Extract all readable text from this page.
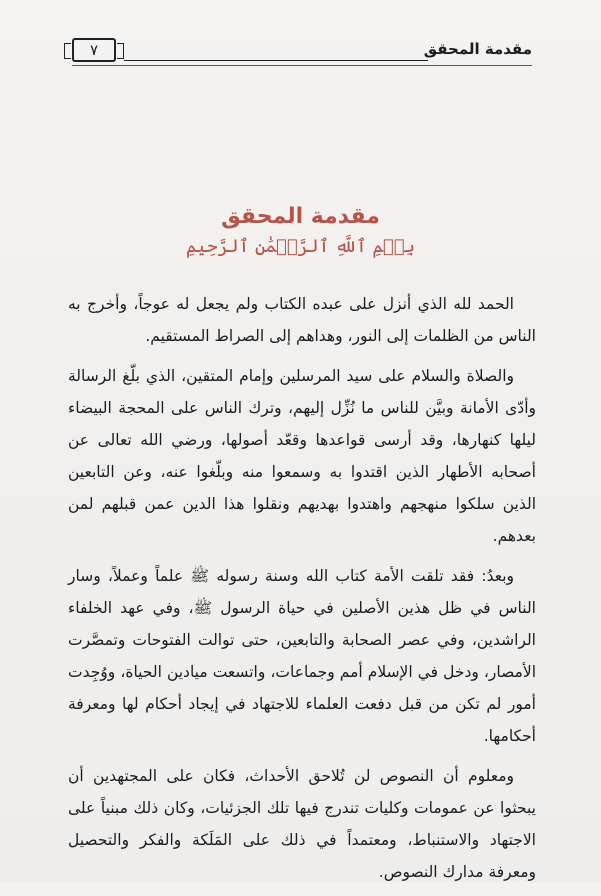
٧	مقدمة المحقق
مقدمة المحقق
بِسۡمِ ٱللَّهِ ٱلرَّحۡمَٰنِ ٱلرَّحِيمِ

الحمد لله الذي أنزل على عبده الكتاب ولم يجعل له عوجاً، وأخرج به الناس من الظلمات إلى النور، وهداهم إلى الصراط المستقيم.

والصلاة والسلام على سيد المرسلين وإمام المتقين، الذي بلّغ الرسالة وأدّى الأمانة وبيَّن للناس ما نُزِّل إليهم، وترك الناس على المحجة البيضاء ليلها كنهارها، وقد أرسى قواعدها وقعّد أصولها، ورضي الله تعالى عن أصحابه الأطهار الذين اقتدوا به وسمعوا منه وبلّغوا عنه، وعن التابعين الذين سلكوا منهجهم واهتدوا بهديهم ونقلوا هذا الدين عمن قبلهم لمن بعدهم.

وبعدُ: فقد تلقت الأمة كتاب الله وسنة رسوله ﷺ علماً وعملاً، وسار الناس في ظل هذين الأصلين في حياة الرسول ﷺ، وفي عهد الخلفاء الراشدين، وفي عصر الصحابة والتابعين، حتى توالت الفتوحات وتمصَّرت الأمصار، ودخل في الإسلام أمم وجماعات، واتسعت ميادين الحياة، ووُجِدت أمور لم تكن من قبل دفعت العلماء للاجتهاد في إيجاد أحكام لها ومعرفة أحكامها.

ومعلوم أن النصوص لن تُلاحق الأحداث، فكان على المجتهدين أن يبحثوا عن عمومات وكليات تندرج فيها تلك الجزئيات، وكان ذلك مبنياً على الاجتهاد والاستنباط، ومعتمداً في ذلك على المَلَكة والفكر والتحصيل ومعرفة مدارك النصوص.
